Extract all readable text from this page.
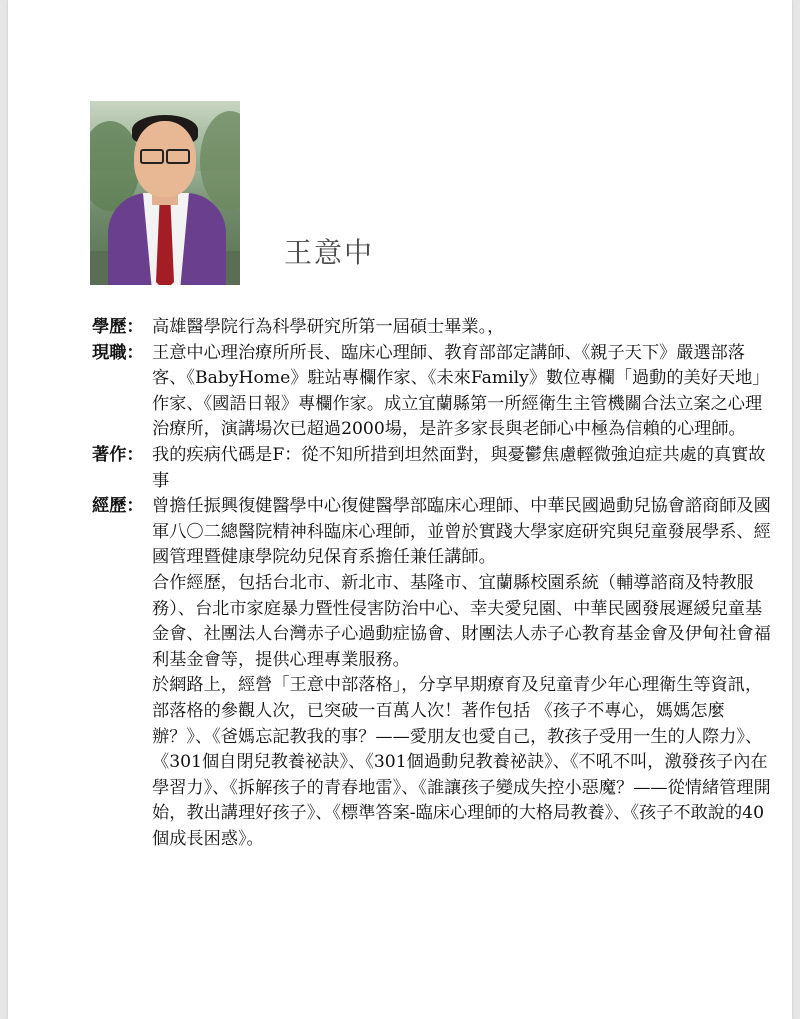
王意中
學歷： 高雄醫學院行為科學研究所第一屆碩士畢業。，

現職： 王意中心理治療所所長、臨床心理師、教育部部定講師、《親子天下》嚴選部落客、《BabyHome》駐站專欄作家、《未來Family》數位專欄「過動的美好天地」作家、《國語日報》專欄作家。成立宜蘭縣第一所經衛生主管機關合法立案之心理治療所，演講場次已超過2000場，是許多家長與老師心中極為信賴的心理師。

著作： 我的疾病代碼是F：從不知所措到坦然面對，與憂鬱焦慮輕微強迫症共處的真實故事

經歷： 曾擔任振興復健醫學中心復健醫學部臨床心理師、中華民國過動兒協會諮商師及國軍八〇二總醫院精神科臨床心理師，並曾於實踐大學家庭研究與兒童發展學系、經國管理暨健康學院幼兒保育系擔任兼任講師。

合作經歷，包括台北市、新北市、基隆市、宜蘭縣校園系統（輔導諮商及特教服務）、台北市家庭暴力暨性侵害防治中心、幸夫愛兒園、中華民國發展遲緩兒童基金會、社團法人台灣赤子心過動症協會、財團法人赤子心教育基金會及伊甸社會福利基金會等，提供心理專業服務。

於網路上，經營「王意中部落格」，分享早期療育及兒童青少年心理衛生等資訊，部落格的參觀人次，已突破一百萬人次！著作包括 《孩子不專心，媽媽怎麼辦？》、《爸媽忘記教我的事？——愛朋友也愛自己，教孩子受用一生的人際力》、《301個自閉兒教養祕訣》、《301個過動兒教養祕訣》、《不吼不叫，激發孩子內在學習力》、《拆解孩子的青春地雷》、《誰讓孩子變成失控小惡魔？——從情緒管理開始，教出講理好孩子》、《標準答案-臨床心理師的大格局教養》、《孩子不敢說的40個成長困惑》。
